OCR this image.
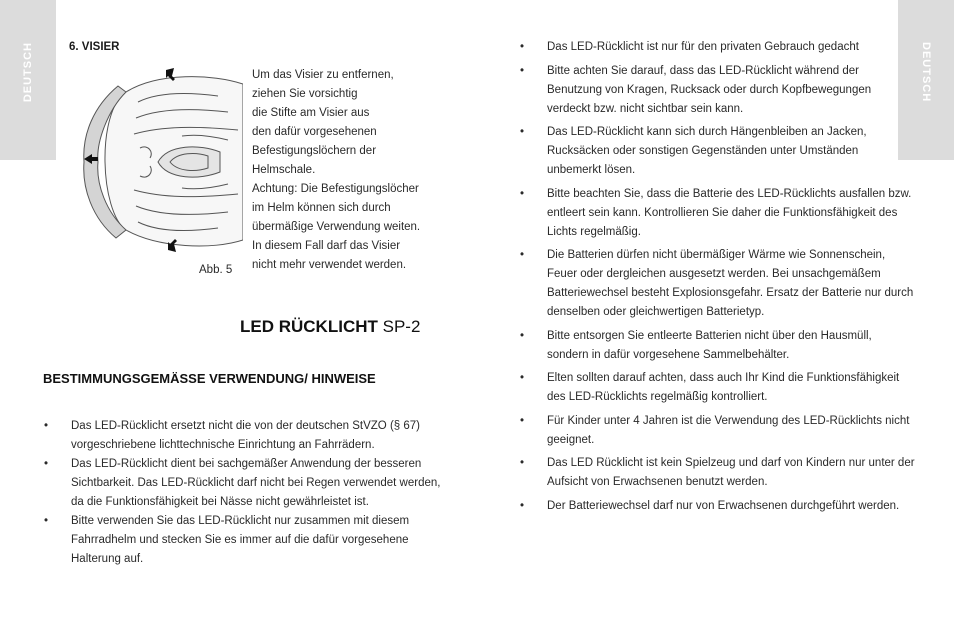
DEUTSCH	DEUTSCH
6. VISIER
Abb. 5

Um das Visier zu entfernen,
ziehen Sie vorsichtig
die Stifte am Visier aus
den dafür vorgesehenen
Befestigungslöchern der
Helmschale.
Achtung: Die Befestigungslöcher
im Helm können sich durch
übermäßige Verwendung weiten.
In diesem Fall darf das Visier
nicht mehr verwendet werden.

LED RÜCKLICHT SP-2
BESTIMMUNGSGEMÄSSE VERWENDUNG/ HINWEISE
• Das LED-Rücklicht ersetzt nicht die von der deutschen StVZO (§ 67) vorgeschriebene lichttechnische Einrichtung an Fahrrädern.
• Das LED-Rücklicht dient bei sachgemäßer Anwendung der besseren Sichtbarkeit. Das LED-Rücklicht darf nicht bei Regen verwendet werden, da die Funktionsfähigkeit bei Nässe nicht gewährleistet ist.
• Bitte verwenden Sie das LED-Rücklicht nur zusammen mit diesem Fahrradhelm und stecken Sie es immer auf die dafür vorgesehene Halterung auf.
• Das LED-Rücklicht ist nur für den privaten Gebrauch gedacht
• Bitte achten Sie darauf, dass das LED-Rücklicht während der Benutzung von Kragen, Rucksack oder durch Kopfbewegungen verdeckt bzw. nicht sichtbar sein kann.
• Das LED-Rücklicht kann sich durch Hängenbleiben an Jacken, Rucksäcken oder sonstigen Gegenständen unter Umständen unbemerkt lösen.
• Bitte beachten Sie, dass die Batterie des LED-Rücklichts ausfallen bzw. entleert sein kann. Kontrollieren Sie daher die Funktionsfähigkeit des Lichts regelmäßig.
• Die Batterien dürfen nicht übermäßiger Wärme wie Sonnenschein, Feuer oder dergleichen ausgesetzt werden. Bei unsachgemäßem Batteriewechsel besteht Explosionsgefahr. Ersatz der Batterie nur durch denselben oder gleichwertigen Batterietyp.
• Bitte entsorgen Sie entleerte Batterien nicht über den Hausmüll, sondern in dafür vorgesehene Sammelbehälter.
• Elten sollten darauf achten, dass auch Ihr Kind die Funktionsfähigkeit des LED-Rücklichts regelmäßig kontrolliert.
• Für Kinder unter 4 Jahren ist die Verwendung des LED-Rücklichts nicht geeignet.
• Das LED Rücklicht ist kein Spielzeug und darf von Kindern nur unter der Aufsicht von Erwachsenen benutzt werden.
• Der Batteriewechsel darf nur von Erwachsenen durchgeführt werden.
